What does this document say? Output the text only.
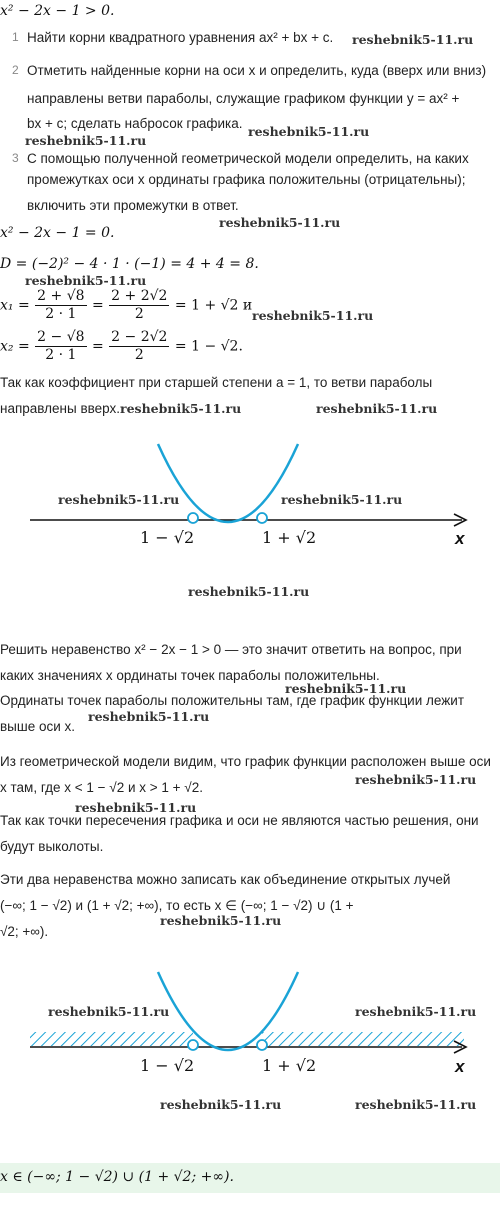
x² − 2x − 1 > 0.
1 Найти корни квадратного уравнения ax² + bx + c.
2 Отметить найденные корни на оси x и определить, куда (вверх или вниз)
направлены ветви параболы, служащие графиком функции y = ax² +
bx + c; сделать набросок графика.
3 С помощью полученной геометрической модели определить, на каких
промежутках оси x ординаты графика положительны (отрицательны);
включить эти промежутки в ответ.
x² − 2x − 1 = 0.
D = (−2)² − 4 · 1 · (−1) = 4 + 4 = 8.
$x_1 = \frac{2 + √8}{2 \cdot 1} = \frac{2 + 2√2}{2} = 1 + √2$ и
$x_2 = \frac{2 - √8}{2 \cdot 1} = \frac{2 - 2√2}{2} = 1 - √2$.
Так как коэффициент при старшей степени a = 1, то ветви параболы
направлены вверх.
1 − √2	1 + √2	x
Решить неравенство x² − 2x − 1 > 0 — это значит ответить на вопрос, при
каких значениях x ординаты точек параболы положительны.
Ординаты точек параболы положительны там, где график функции лежит
выше оси x.
Из геометрической модели видим, что график функции расположен выше оси
x там, где x < 1 − √2 и x > 1 + √2.
Так как точки пересечения графика и оси не являются частью решения, они
будут выколоты.
Эти два неравенства можно записать как объединение открытых лучей
(−∞; 1 − √2) и (1 + √2; +∞), то есть x ∈ (−∞; 1 − √2) ∪ (1 +
√2; +∞).
1 − √2	1 + √2	x
x ∈ (−∞; 1 − √2) ∪ (1 + √2; +∞).
reshebnik5-11.ru
reshebnik5-11.ru
reshebnik5-11.ru
reshebnik5-11.ru
reshebnik5-11.ru
reshebnik5-11.ru
reshebnik5-11.ru	reshebnik5-11.ru
reshebnik5-11.ru	reshebnik5-11.ru
reshebnik5-11.ru
reshebnik5-11.ru
reshebnik5-11.ru
reshebnik5-11.ru
reshebnik5-11.ru
reshebnik5-11.ru
reshebnik5-11.ru	reshebnik5-11.ru
reshebnik5-11.ru	reshebnik5-11.ru
